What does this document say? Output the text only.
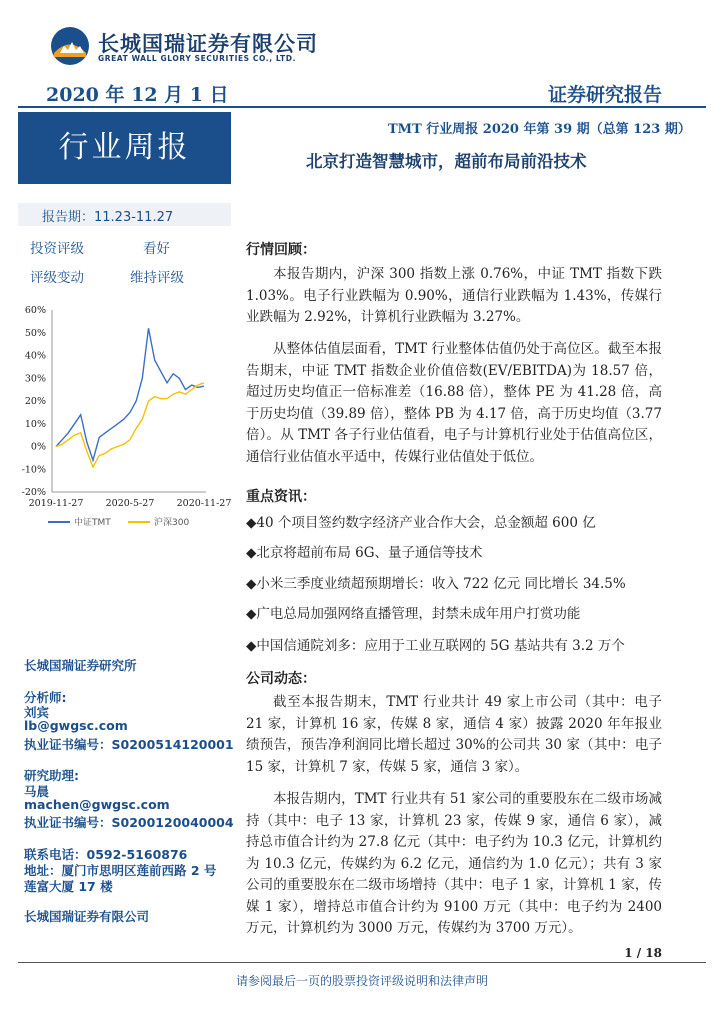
长城国瑞证券有限公司
GREAT WALL GLORY SECURITIES CO., LTD.
2020 年 12 月 1 日	证券研究报告
行业周报
报告期：11.23-11.27
投资评级	看好
评级变动	维持评级
60%
50%
40%
30%
20%
10%
0%
-10%
-20%
2019-11-27 2020-5-27 2020-11-27
中证TMT	沪深300
长城国瑞证券研究所
分析师:
刘宾
lb@gwgsc.com
执业证书编号：S0200514120001
研究助理:
马晨
machen@gwgsc.com
执业证书编号：S0200120040004
联系电话：0592-5160876
地址：厦门市思明区莲前西路 2 号
莲富大厦 17 楼
长城国瑞证券有限公司
TMT 行业周报 2020 年第 39 期（总第 123 期）
北京打造智慧城市，超前布局前沿技术
行情回顾：
本报告期内，沪深 300 指数上涨 0.76%，中证 TMT 指数下跌 1.03%。电子行业跌幅为 0.90%，通信行业跌幅为 1.43%，传媒行业跌幅为 2.92%，计算机行业跌幅为 3.27%。
从整体估值层面看，TMT 行业整体估值仍处于高位区。截至本报告期末，中证 TMT 指数企业价值倍数(EV/EBITDA)为 18.57 倍，超过历史均值正一倍标准差（16.88 倍），整体 PE 为 41.28 倍，高于历史均值（39.89 倍），整体 PB 为 4.17 倍，高于历史均值（3.77 倍）。从 TMT 各子行业估值看，电子与计算机行业处于估值高位区，通信行业估值水平适中，传媒行业估值处于低位。
重点资讯：
◆40 个项目签约数字经济产业合作大会，总金额超 600 亿
◆北京将超前布局 6G、量子通信等技术
◆小米三季度业绩超预期增长：收入 722 亿元 同比增长 34.5%
◆广电总局加强网络直播管理，封禁未成年用户打赏功能
◆中国信通院刘多：应用于工业互联网的 5G 基站共有 3.2 万个
公司动态：
截至本报告期末，TMT 行业共计 49 家上市公司（其中：电子 21 家，计算机 16 家，传媒 8 家，通信 4 家）披露 2020 年年报业绩预告，预告净利润同比增长超过 30%的公司共 30 家（其中：电子 15 家，计算机 7 家，传媒 5 家，通信 3 家）。
本报告期内，TMT 行业共有 51 家公司的重要股东在二级市场减持（其中：电子 13 家，计算机 23 家，传媒 9 家，通信 6 家），减持总市值合计约为 27.8 亿元（其中：电子约为 10.3 亿元，计算机约为 10.3 亿元，传媒约为 6.2 亿元，通信约为 1.0 亿元）；共有 3 家公司的重要股东在二级市场增持（其中：电子 1 家，计算机 1 家，传媒 1 家），增持总市值合计约为 9100 万元（其中：电子约为 2400 万元，计算机约为 3000 万元，传媒约为 3700 万元）。
1 / 18
请参阅最后一页的股票投资评级说明和法律声明
